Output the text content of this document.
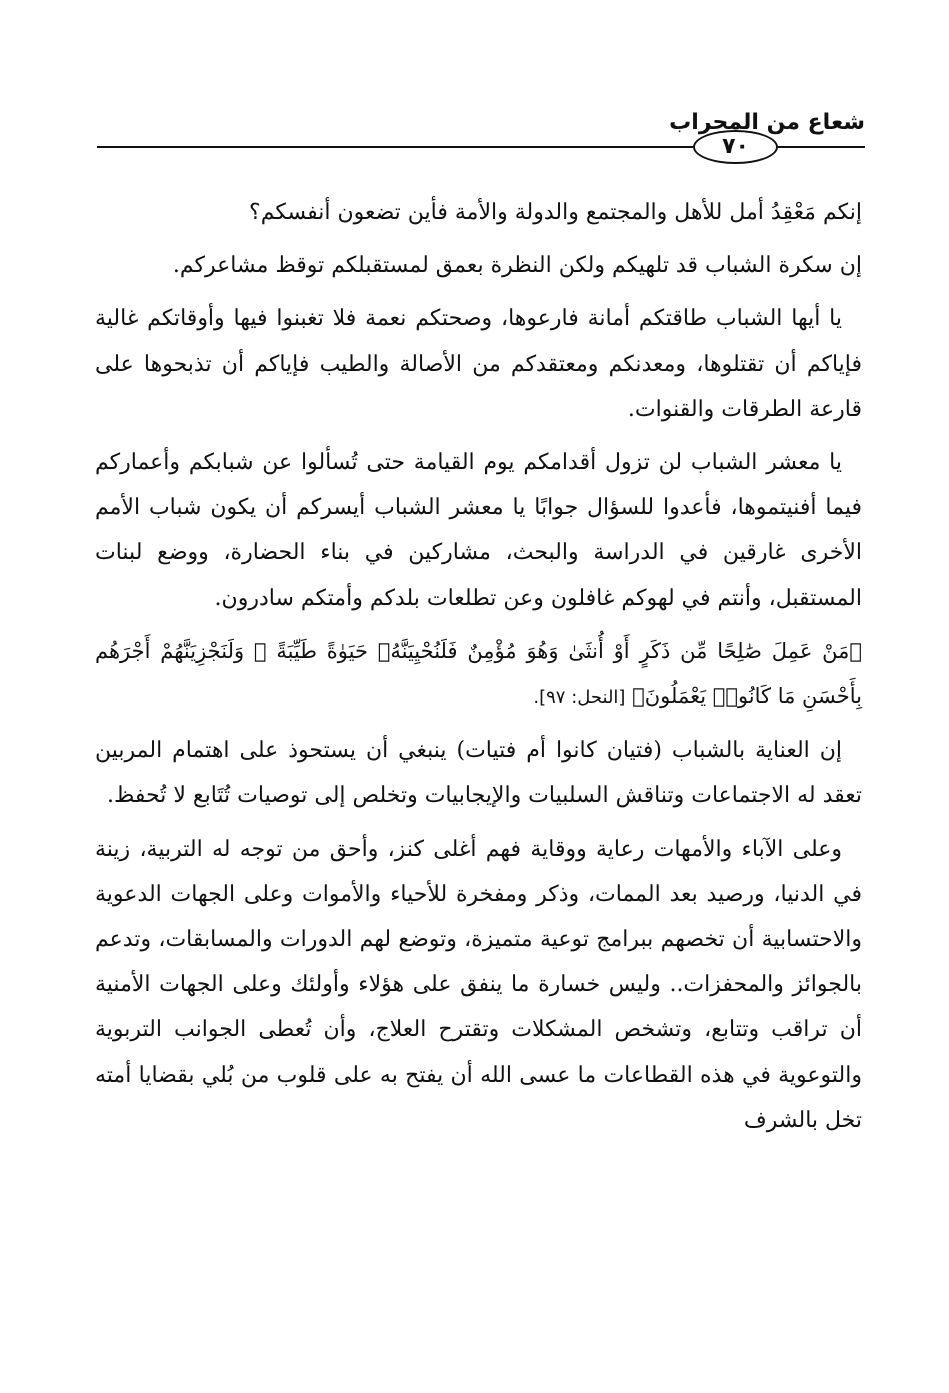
شعاع من المحراب
٧٠

إنكم مَعْقِدُ أمل للأهل والمجتمع والدولة والأمة فأين تضعون أنفسكم؟

إن سكرة الشباب قد تلهيكم ولكن النظرة بعمق لمستقبلكم توقظ مشاعركم.

يا أيها الشباب طاقتكم أمانة فارعوها، وصحتكم نعمة فلا تغبنوا فيها وأوقاتكم غالية فإياكم أن تقتلوها، ومعدنكم ومعتقدكم من الأصالة والطيب فإياكم أن تذبحوها على قارعة الطرقات والقنوات.

يا معشر الشباب لن تزول أقدامكم يوم القيامة حتى تُسألوا عن شبابكم وأعماركم فيما أفنيتموها، فأعدوا للسؤال جوابًا يا معشر الشباب أيسركم أن يكون شباب الأمم الأخرى غارقين في الدراسة والبحث، مشاركين في بناء الحضارة، ووضع لبنات المستقبل، وأنتم في لهوكم غافلون وعن تطلعات بلدكم وأمتكم سادرون.

﴿مَنْ عَمِلَ صَٰلِحًا مِّن ذَكَرٍ أَوْ أُنثَىٰ وَهُوَ مُؤْمِنٌ فَلَنُحْيِيَنَّهُۥ حَيَوٰةً طَيِّبَةً ۖ وَلَنَجْزِيَنَّهُمْ أَجْرَهُم بِأَحْسَنِ مَا كَانُوا۟ يَعْمَلُونَ﴾ [النحل: ٩٧].

إن العناية بالشباب (فتيان كانوا أم فتيات) ينبغي أن يستحوذ على اهتمام المربين تعقد له الاجتماعات وتناقش السلبيات والإيجابيات وتخلص إلى توصيات تُتَابع لا تُحفظ.

وعلى الآباء والأمهات رعاية ووقاية فهم أغلى كنز، وأحق من توجه له التربية، زينة في الدنيا، ورصيد بعد الممات، وذكر ومفخرة للأحياء والأموات وعلى الجهات الدعوية والاحتسابية أن تخصهم ببرامج توعية متميزة، وتوضع لهم الدورات والمسابقات، وتدعم بالجوائز والمحفزات.. وليس خسارة ما ينفق على هؤلاء وأولئك وعلى الجهات الأمنية أن تراقب وتتابع، وتشخص المشكلات وتقترح العلاج، وأن تُعطى الجوانب التربوية والتوعوية في هذه القطاعات ما عسى الله أن يفتح به على قلوب من بُلي بقضايا أمته تخل بالشرف
